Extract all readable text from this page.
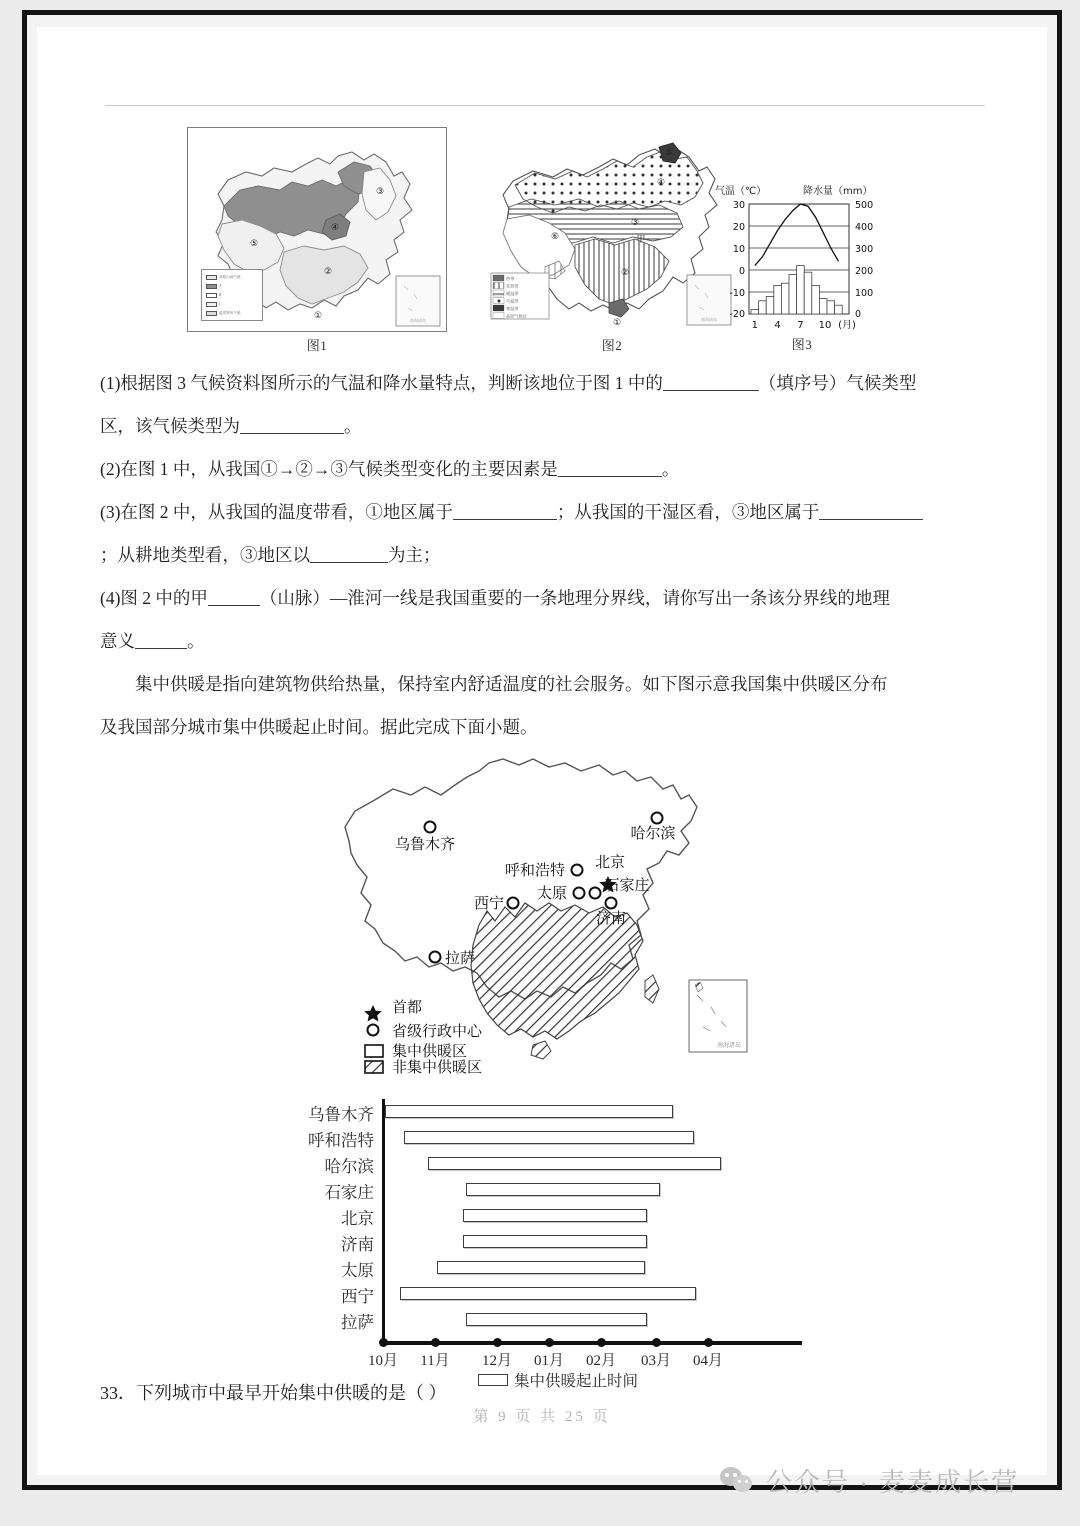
①
②
③
④
⑤
南海诸岛
高原山地气候
A
B
C
温带季风气候
图1
①
②
③
④
⑤
⑥	甲
热带
亚热带
暖温带
中温带
寒温带
高原气候区
南海诸岛
图2
气温（℃）	降水量（mm）
30
20
10
0
-10
-20
500
400
300
200
100
0
1 4 7 10 (月)
图3
(1)根据图 3 气候资料图所示的气温和降水量特点，判断该地位于图 1 中的	（填序号）气候类型
区，该气候类型为	。
(2)在图 1 中，从我国①→②→③气候类型变化的主要因素是	。
(3)在图 2 中，从我国的温度带看，①地区属于	；从我国的干湿区看，③地区属于
；从耕地类型看，③地区以	为主；
(4)图 2 中的甲	（山脉）—淮河一线是我国重要的一条地理分界线，请你写出一条该分界线的地理
意义	。
集中供暖是指向建筑物供给热量，保持室内舒适温度的社会服务。如下图示意我国集中供暖区分布
及我国部分城市集中供暖起止时间。据此完成下面小题。
乌鲁木齐
哈尔滨
呼和浩特 北京
石家庄
太原
济南
西宁
拉萨
首都
省级行政中心
集中供暖区
非集中供暖区
南海诸岛
乌鲁木齐
呼和浩特
哈尔滨
石家庄
北京
济南
太原
西宁
拉萨
10月	11月	12月	01月	02月	03月	04月
集中供暖起止时间
33．下列城市中最早开始集中供暖的是（ ）
第 9 页 共 25 页
公众号 · 麦麦成长营
